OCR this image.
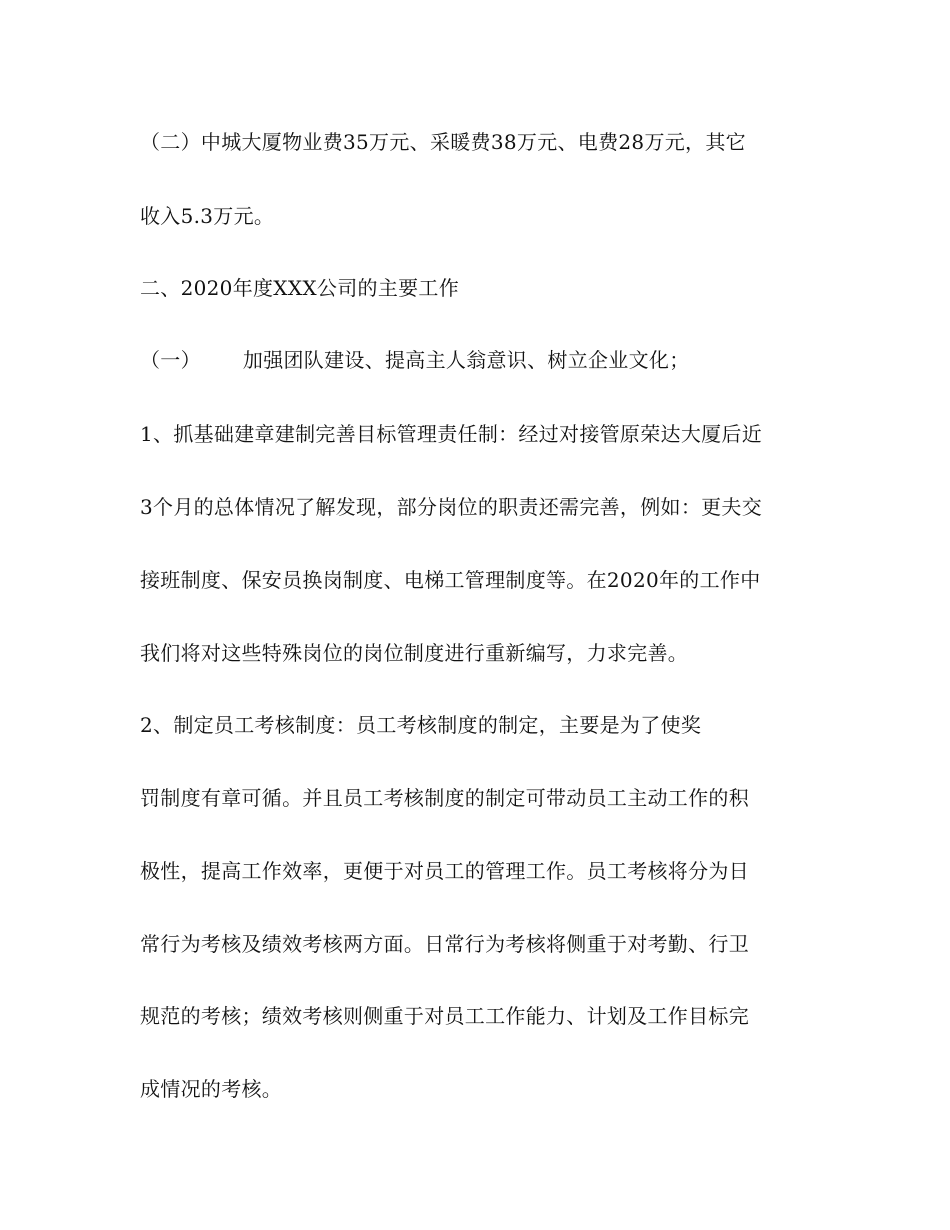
（二）中城大厦物业费35万元、采暖费38万元、电费28万元，其它
收入5.3万元。
二、2020年度XXX公司的主要工作
（一） 加强团队建设、提高主人翁意识、树立企业文化；
1、抓基础建章建制完善目标管理责任制：经过对接管原荣达大厦后近
3个月的总体情况了解发现，部分岗位的职责还需完善，例如：更夫交
接班制度、保安员换岗制度、电梯工管理制度等。在2020年的工作中
我们将对这些特殊岗位的岗位制度进行重新编写，力求完善。
2、制定员工考核制度：员工考核制度的制定，主要是为了使奖
罚制度有章可循。并且员工考核制度的制定可带动员工主动工作的积
极性，提高工作效率，更便于对员工的管理工作。员工考核将分为日
常行为考核及绩效考核两方面。日常行为考核将侧重于对考勤、行卫
规范的考核；绩效考核则侧重于对员工工作能力、计划及工作目标完
成情况的考核。
